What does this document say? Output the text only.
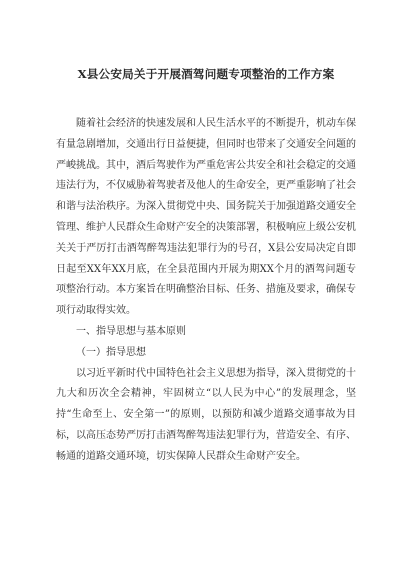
X县公安局关于开展酒驾问题专项整治的工作方案

随着社会经济的快速发展和人民生活水平的不断提升，机动车保有量急剧增加，交通出行日益便捷，但同时也带来了交通安全问题的严峻挑战。其中，酒后驾驶作为严重危害公共安全和社会稳定的交通违法行为，不仅威胁着驾驶者及他人的生命安全，更严重影响了社会和谐与法治秩序。为深入贯彻党中央、国务院关于加强道路交通安全管理、维护人民群众生命财产安全的决策部署，积极响应上级公安机关关于严厉打击酒驾醉驾违法犯罪行为的号召，X县公安局决定自即日起至XX年XX月底，在全县范围内开展为期XX个月的酒驾问题专项整治行动。本方案旨在明确整治目标、任务、措施及要求，确保专项行动取得实效。

一、指导思想与基本原则

（一）指导思想

以习近平新时代中国特色社会主义思想为指导，深入贯彻党的十九大和历次全会精神，牢固树立“以人民为中心”的发展理念，坚持“生命至上、安全第一”的原则，以预防和减少道路交通事故为目标，以高压态势严厉打击酒驾醉驾违法犯罪行为，营造安全、有序、畅通的道路交通环境，切实保障人民群众生命财产安全。
